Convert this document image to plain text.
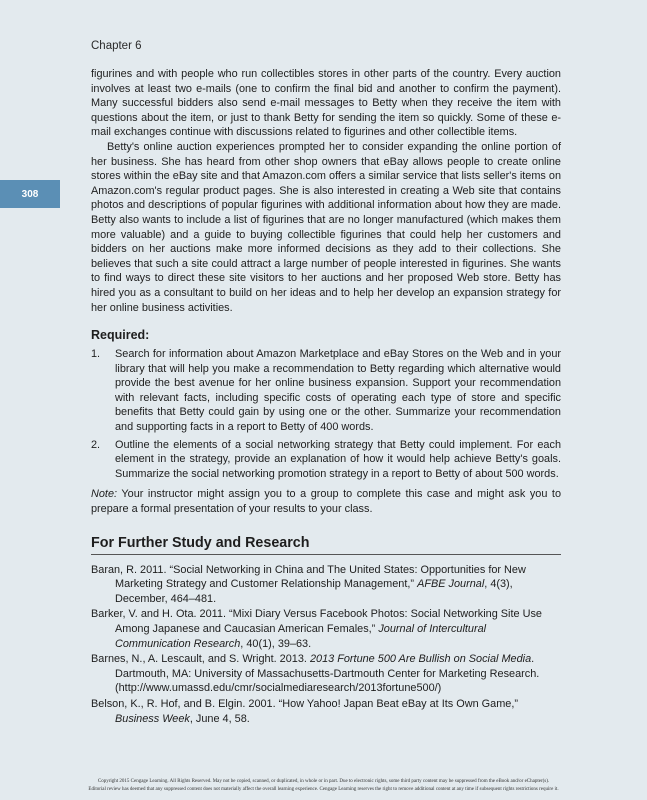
Chapter 6
308

figurines and with people who run collectibles stores in other parts of the country. Every auction involves at least two e-mails (one to confirm the final bid and another to confirm the payment). Many successful bidders also send e-mail messages to Betty when they receive the item with questions about the item, or just to thank Betty for sending the item so quickly. Some of these e-mail exchanges continue with discussions related to figurines and other collectible items.

Betty's online auction experiences prompted her to consider expanding the online portion of her business. She has heard from other shop owners that eBay allows people to create online stores within the eBay site and that Amazon.com offers a similar service that lists seller's items on Amazon.com's regular product pages. She is also interested in creating a Web site that contains photos and descriptions of popular figurines with additional information about how they are made. Betty also wants to include a list of figurines that are no longer manufactured (which makes them more valuable) and a guide to buying collectible figurines that could help her customers and bidders on her auctions make more informed decisions as they add to their collections. She believes that such a site could attract a large number of people interested in figurines. She wants to find ways to direct these site visitors to her auctions and her proposed Web store. Betty has hired you as a consultant to build on her ideas and to help her develop an expansion strategy for her online business activities.

Required:
1. Search for information about Amazon Marketplace and eBay Stores on the Web and in your library that will help you make a recommendation to Betty regarding which alternative would provide the best avenue for her online business expansion. Support your recommendation with relevant facts, including specific costs of operating each type of store and specific benefits that Betty could gain by using one or the other. Summarize your recommendation and supporting facts in a report to Betty of 400 words.
2. Outline the elements of a social networking strategy that Betty could implement. For each element in the strategy, provide an explanation of how it would help achieve Betty's goals. Summarize the social networking promotion strategy in a report to Betty of about 500 words.

Note: Your instructor might assign you to a group to complete this case and might ask you to prepare a formal presentation of your results to your class.

For Further Study and Research

Baran, R. 2011. “Social Networking in China and The United States: Opportunities for New Marketing Strategy and Customer Relationship Management,” AFBE Journal, 4(3), December, 464–481.

Barker, V. and H. Ota. 2011. “Mixi Diary Versus Facebook Photos: Social Networking Site Use Among Japanese and Caucasian American Females,” Journal of Intercultural Communication Research, 40(1), 39–63.

Barnes, N., A. Lescault, and S. Wright. 2013. 2013 Fortune 500 Are Bullish on Social Media. Dartmouth, MA: University of Massachusetts-Dartmouth Center for Marketing Research. (http://www.umassd.edu/cmr/socialmediaresearch/2013fortune500/)

Belson, K., R. Hof, and B. Elgin. 2001. “How Yahoo! Japan Beat eBay at Its Own Game,” Business Week, June 4, 58.

Copyright 2015 Cengage Learning. All Rights Reserved. May not be copied, scanned, or duplicated, in whole or in part. Due to electronic rights, some third party content may be suppressed from the eBook and/or eChapter(s).
Editorial review has deemed that any suppressed content does not materially affect the overall learning experience. Cengage Learning reserves the right to remove additional content at any time if subsequent rights restrictions require it.
